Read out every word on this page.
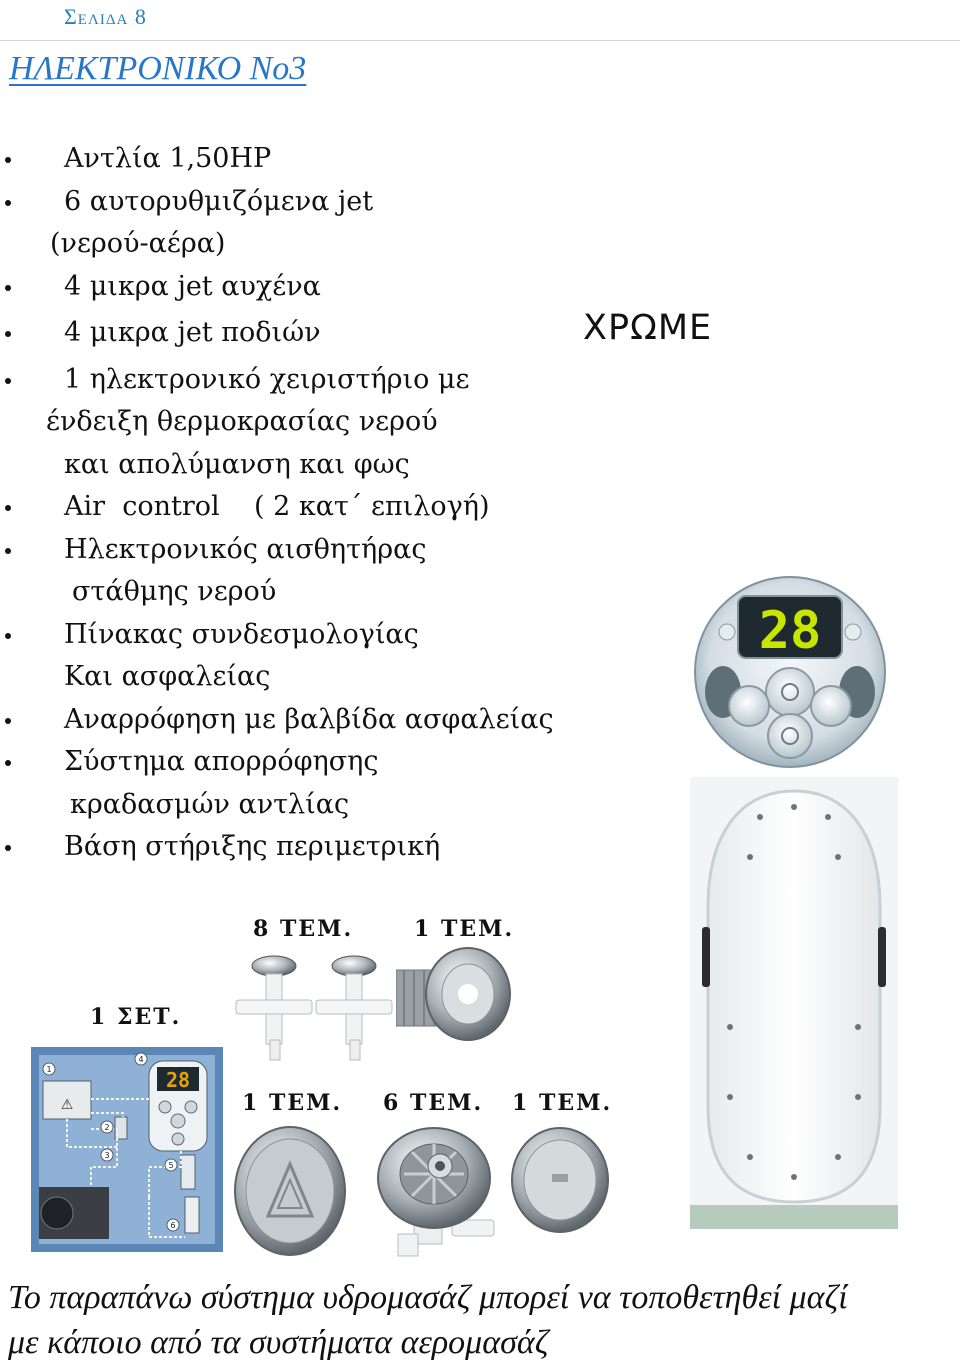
Σελιδα 8
ΗΛΕΚΤΡΟΝΙΚΟ Νο3
Αντλία 1,50HP
6 αυτορυθμιζόμενα jet
(νερού-αέρα)
4 μικρα jet αυχένα
4 μικρα jet ποδιών
1 ηλεκτρονικό χειριστήριο με
ένδειξη θερμοκρασίας νερού
και απολύμανση και φως
Air  control    ( 2 κατ΄ επιλογή)
Ηλεκτρονικός αισθητήρας
στάθμης νερού
Πίνακας συνδεσμολογίας
Και ασφαλείας
Αναρρόφηση με βαλβίδα ασφαλείας
Σύστημα απορρόφησης
κραδασμών αντλίας
Βάση στήριξης περιμετρική
ΧΡΩΜΕ
28
8 ΤΕΜ.	1 ΤΕΜ.
1 ΣΕΤ.
1 ΤΕΜ. 6 ΤΕΜ. 1 ΤΕΜ.
⚠
28
1
2
3
4
5
6
Το παραπάνω σύστημα υδρομασάζ μπορεί να τοποθετηθεί μαζί
με κάποιο από τα συστήματα αερομασάζ
